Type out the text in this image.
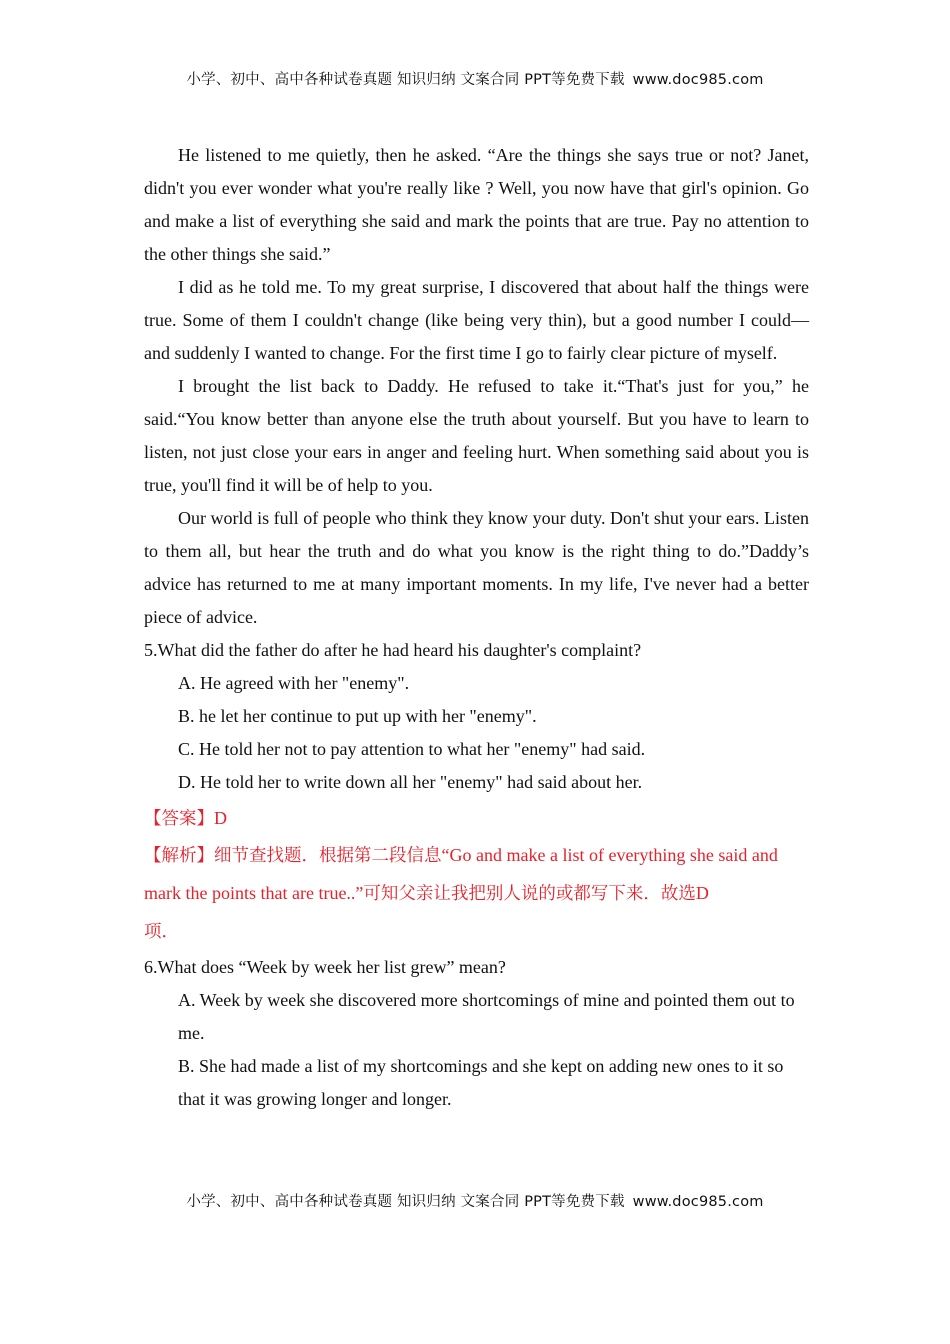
小学、初中、高中各种试卷真题 知识归纳 文案合同 PPT等免费下载 www.doc985.com

He listened to me quietly, then he asked. “Are the things she says true or not? Janet, didn't you ever wonder what you're really like ? Well, you now have that girl's opinion. Go and make a list of everything she said and mark the points that are true. Pay no attention to the other things she said.”

I did as he told me. To my great surprise, I discovered that about half the things were true. Some of them I couldn't change (like being very thin), but a good number I could—and suddenly I wanted to change. For the first time I go to fairly clear picture of myself.

I brought the list back to Daddy. He refused to take it.“That's just for you,” he said.“You know better than anyone else the truth about yourself. But you have to learn to listen, not just close your ears in anger and feeling hurt. When something said about you is true, you'll find it will be of help to you.

Our world is full of people who think they know your duty. Don't shut your ears. Listen to them all, but hear the truth and do what you know is the right thing to do.”Daddy’s advice has returned to me at many important moments. In my life, I've never had a better piece of advice.

5.What did the father do after he had heard his daughter's complaint?

A. He agreed with her "enemy".

B. he let her continue to put up with her "enemy".

C. He told her not to pay attention to what her "enemy" had said.

D. He told her to write down all her "enemy" had said about her.

【答案】D

【解析】细节查找题．根据第二段信息“Go and make a list of everything she said and mark the points that are true..”可知父亲让我把别人说的或都写下来．故选D
项．

6.What does “Week by week her list grew” mean?

A. Week by week she discovered more shortcomings of mine and pointed them out to me.

B. She had made a list of my shortcomings and she kept on adding new ones to it so that it was growing longer and longer.

小学、初中、高中各种试卷真题 知识归纳 文案合同 PPT等免费下载 www.doc985.com
